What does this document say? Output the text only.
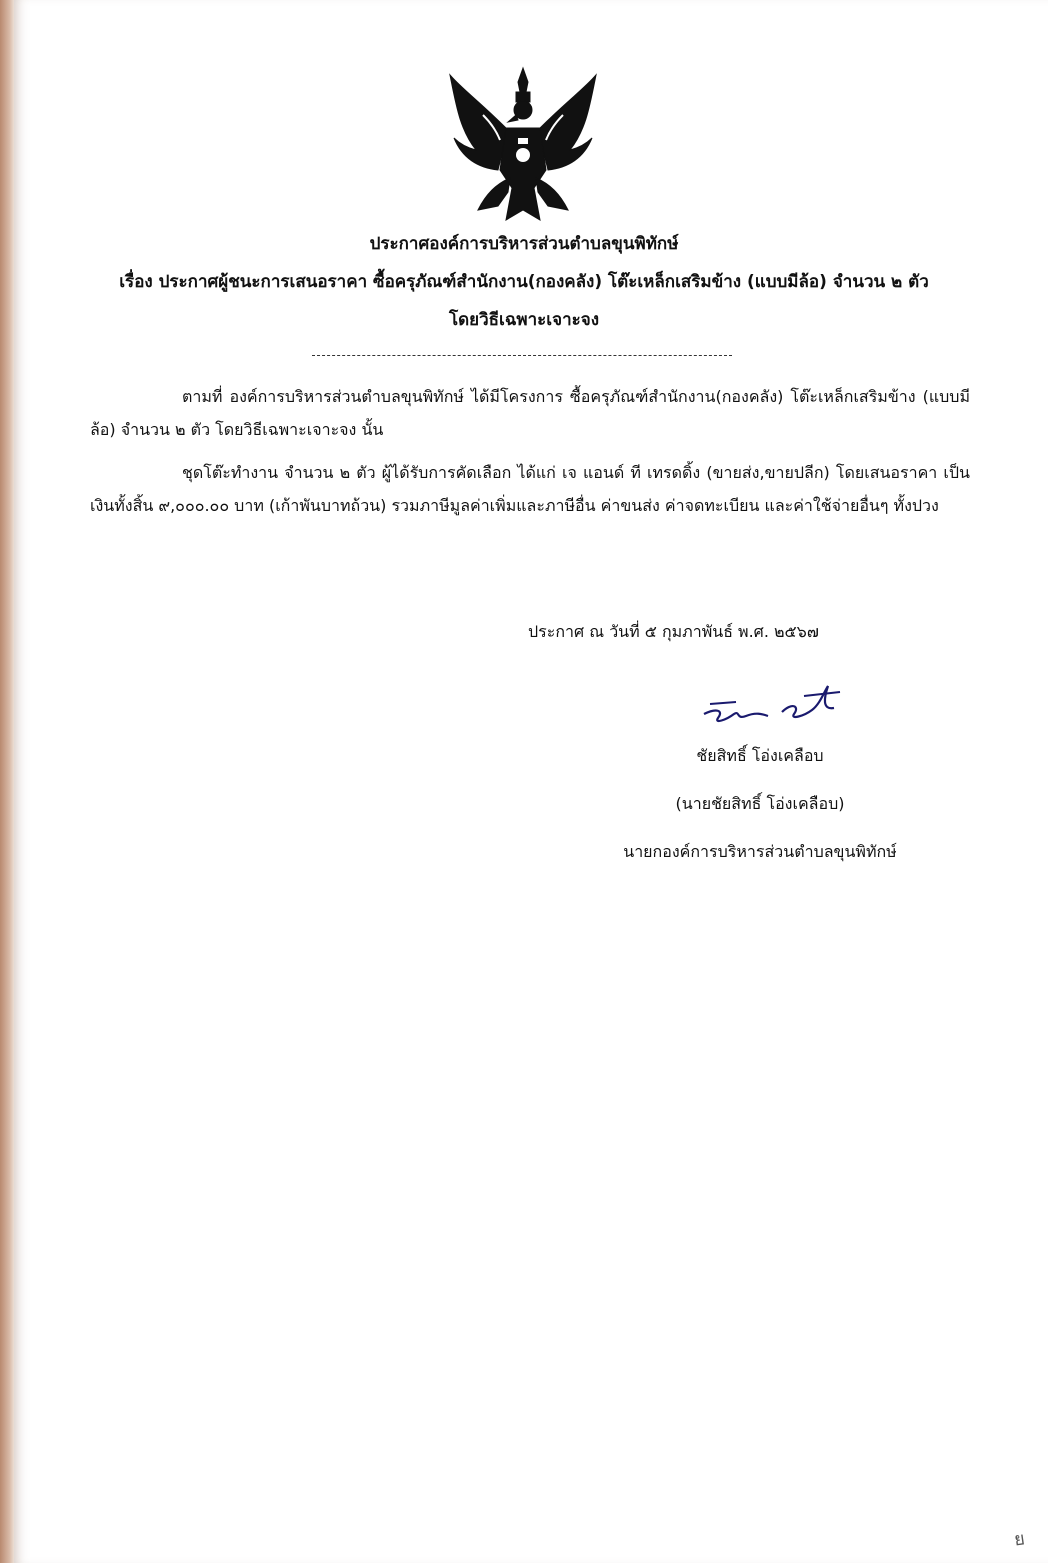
ประกาศองค์การบริหารส่วนตำบลขุนพิทักษ์
เรื่อง ประกาศผู้ชนะการเสนอราคา ซื้อครุภัณฑ์สำนักงาน(กองคลัง) โต๊ะเหล็กเสริมข้าง (แบบมีล้อ) จำนวน ๒ ตัว
โดยวิธีเฉพาะเจาะจง
ตามที่ องค์การบริหารส่วนตำบลขุนพิทักษ์ ได้มีโครงการ ซื้อครุภัณฑ์สำนักงาน(กองคลัง) โต๊ะเหล็กเสริมข้าง (แบบมีล้อ) จำนวน ๒ ตัว โดยวิธีเฉพาะเจาะจง นั้น
ชุดโต๊ะทำงาน จำนวน ๒ ตัว ผู้ได้รับการคัดเลือก ได้แก่ เจ แอนด์ ที เทรดดิ้ง (ขายส่ง,ขายปลีก) โดยเสนอราคา เป็นเงินทั้งสิ้น ๙,๐๐๐.๐๐ บาท (เก้าพันบาทถ้วน) รวมภาษีมูลค่าเพิ่มและภาษีอื่น ค่าขนส่ง ค่าจดทะเบียน และค่าใช้จ่ายอื่นๆ ทั้งปวง
ประกาศ ณ วันที่ ๕ กุมภาพันธ์ พ.ศ. ๒๕๖๗
ชัยสิทธิ์ โอ่งเคลือบ
(นายชัยสิทธิ์ โอ่งเคลือบ)
นายกองค์การบริหารส่วนตำบลขุนพิทักษ์
ย
